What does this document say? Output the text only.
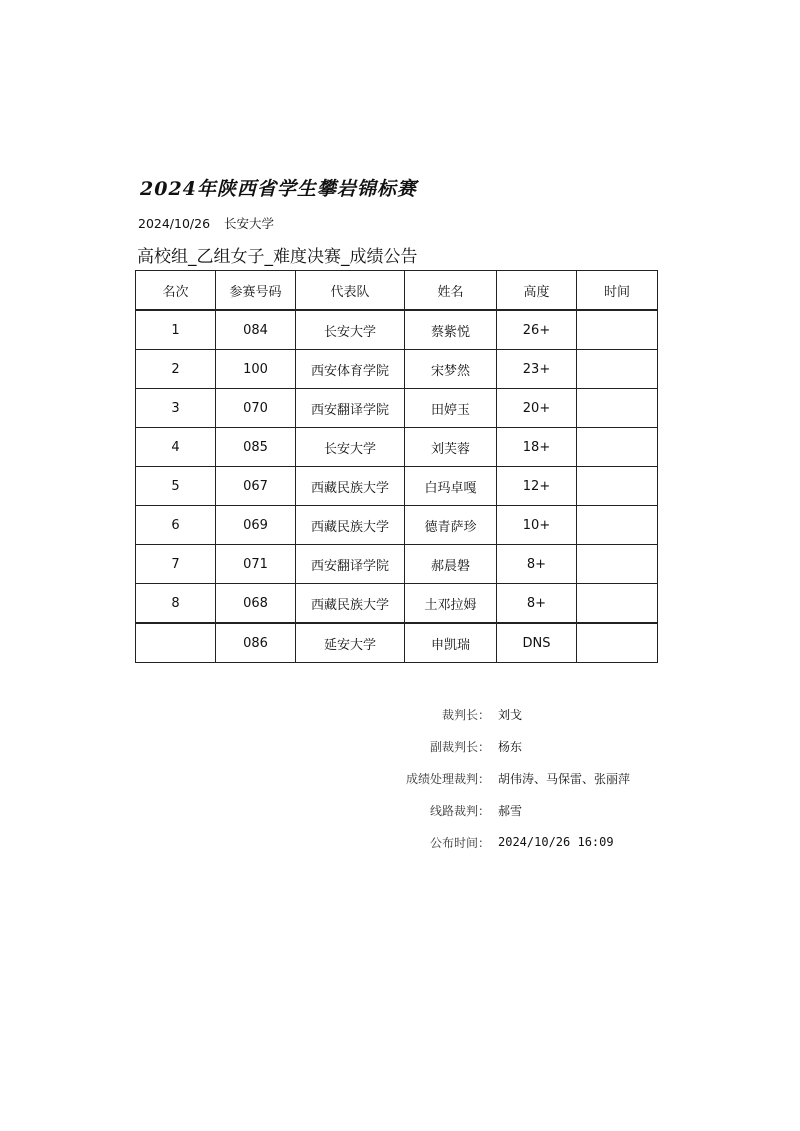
2024年陕西省学生攀岩锦标赛
2024/10/26 长安大学
高校组_乙组女子_难度决赛_成绩公告
名次	参赛号码	代表队	姓名	高度	时间
1	084	长安大学	蔡紫悦	26+	
2	100	西安体育学院	宋梦然	23+	
3	070	西安翻译学院	田婷玉	20+	
4	085	长安大学	刘芙蓉	18+	
5	067	西藏民族大学	白玛卓嘎	12+	
6	069	西藏民族大学	德青萨珍	10+	
7	071	西安翻译学院	郝晨磐	8+	
8	068	西藏民族大学	土邓拉姆	8+	
	086	延安大学	申凯瑞	DNS	
裁判长： 刘戈
副裁判长： 杨东
成绩处理裁判： 胡伟涛、马保雷、张丽萍
线路裁判： 郝雪
公布时间： 2024/10/26 16:09
